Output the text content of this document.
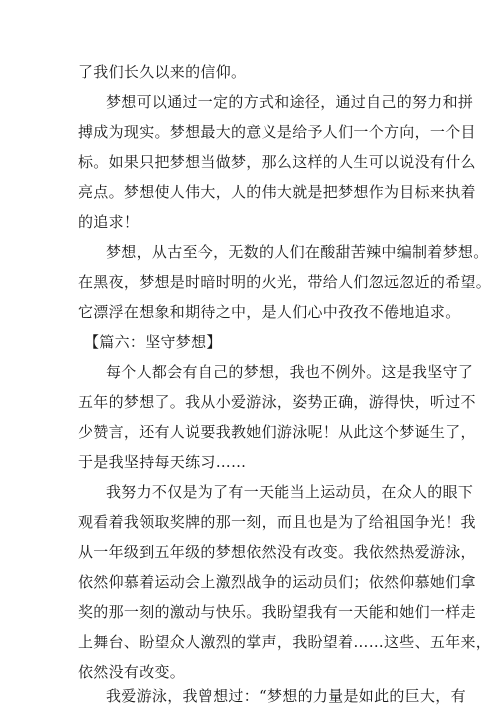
了我们长久以来的信仰。
梦想可以通过一定的方式和途径，通过自己的努力和拼
搏成为现实。梦想最大的意义是给予人们一个方向，一个目
标。如果只把梦想当做梦，那么这样的人生可以说没有什么
亮点。梦想使人伟大，人的伟大就是把梦想作为目标来执着
的追求！
梦想，从古至今，无数的人们在酸甜苦辣中编制着梦想。
在黑夜，梦想是时暗时明的火光，带给人们忽远忽近的希望。
它漂浮在想象和期待之中，是人们心中孜孜不倦地追求。
【篇六：坚守梦想】
每个人都会有自己的梦想，我也不例外。这是我坚守了
五年的梦想了。我从小爱游泳，姿势正确，游得快，听过不
少赞言，还有人说要我教她们游泳呢！从此这个梦诞生了，
于是我坚持每天练习……
我努力不仅是为了有一天能当上运动员，在众人的眼下
观看着我领取奖牌的那一刻，而且也是为了给祖国争光！我
从一年级到五年级的梦想依然没有改变。我依然热爱游泳，
依然仰慕着运动会上激烈战争的运动员们；依然仰慕她们拿
奖的那一刻的激动与快乐。我盼望我有一天能和她们一样走
上舞台、盼望众人激烈的掌声，我盼望着……这些、五年来，
依然没有改变。
我爱游泳，我曾想过：“梦想的力量是如此的巨大，有
